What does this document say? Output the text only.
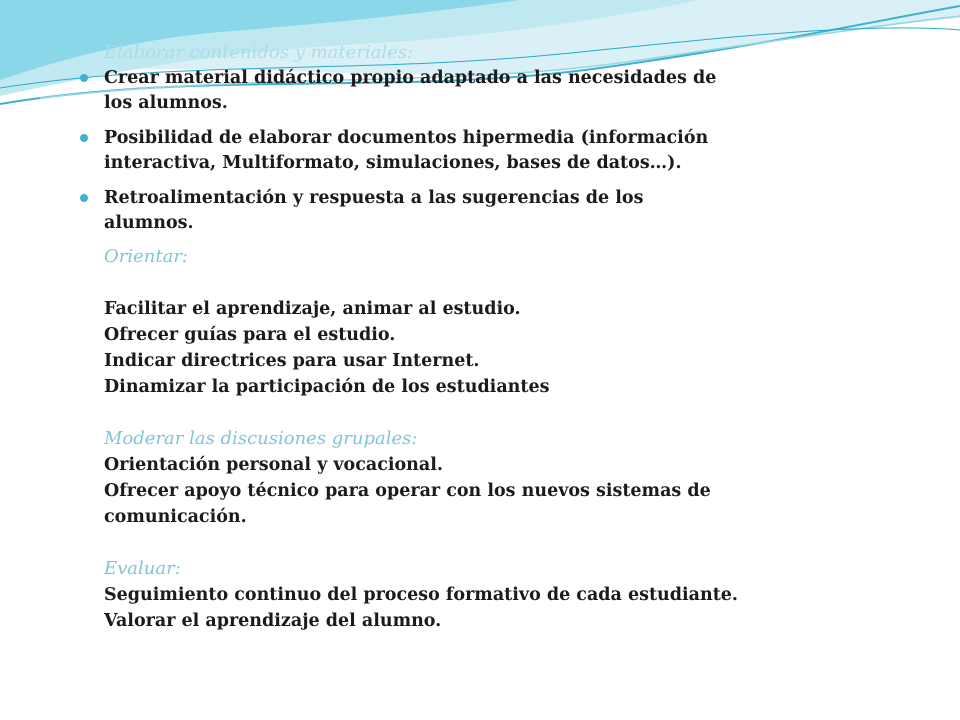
Elaborar contenidos y materiales:
Crear material didáctico propio adaptado a las necesidades de los alumnos.
Posibilidad de elaborar documentos hipermedia (información interactiva, Multiformato, simulaciones, bases de datos…).
Retroalimentación y respuesta a las sugerencias de los alumnos.
Orientar:
Facilitar el aprendizaje, animar al estudio.
Ofrecer guías para el estudio.
Indicar directrices para usar Internet.
Dinamizar la participación de los estudiantes
Moderar las discusiones grupales:
Orientación personal y vocacional.
Ofrecer apoyo técnico para operar con los nuevos sistemas de comunicación.
Evaluar:
Seguimiento continuo del proceso formativo de cada estudiante.
Valorar el aprendizaje del alumno.
